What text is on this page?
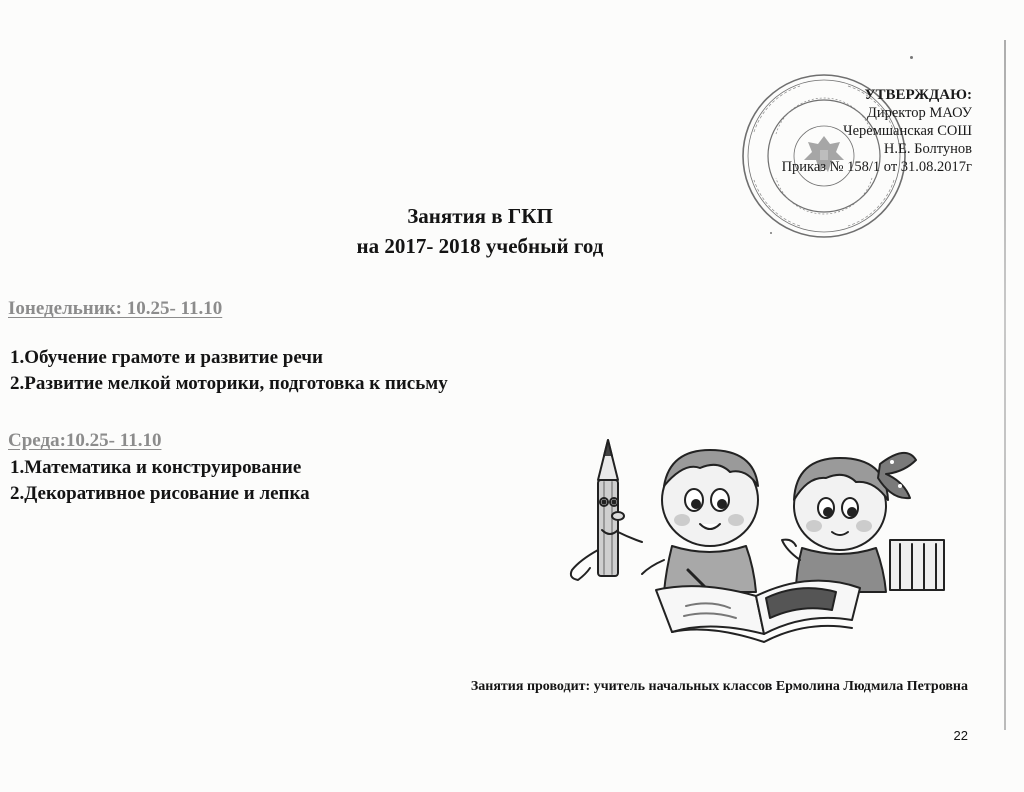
УТВЕРЖДАЮ:
Директор МАОУ
Черемшанская СОШ
Н.Е. Болтунов
Приказ № 158/1 от 31.08.2017г
Занятия в ГКП
на 2017- 2018 учебный год
Іонедельник: 10.25- 11.10
1.Обучение грамоте и развитие речи
2.Развитие мелкой моторики, подготовка к письму
Среда:10.25- 11.10
1.Математика и конструирование
2.Декоративное рисование и лепка
Занятия проводит: учитель начальных классов Ермолина Людмила Петровна
22
